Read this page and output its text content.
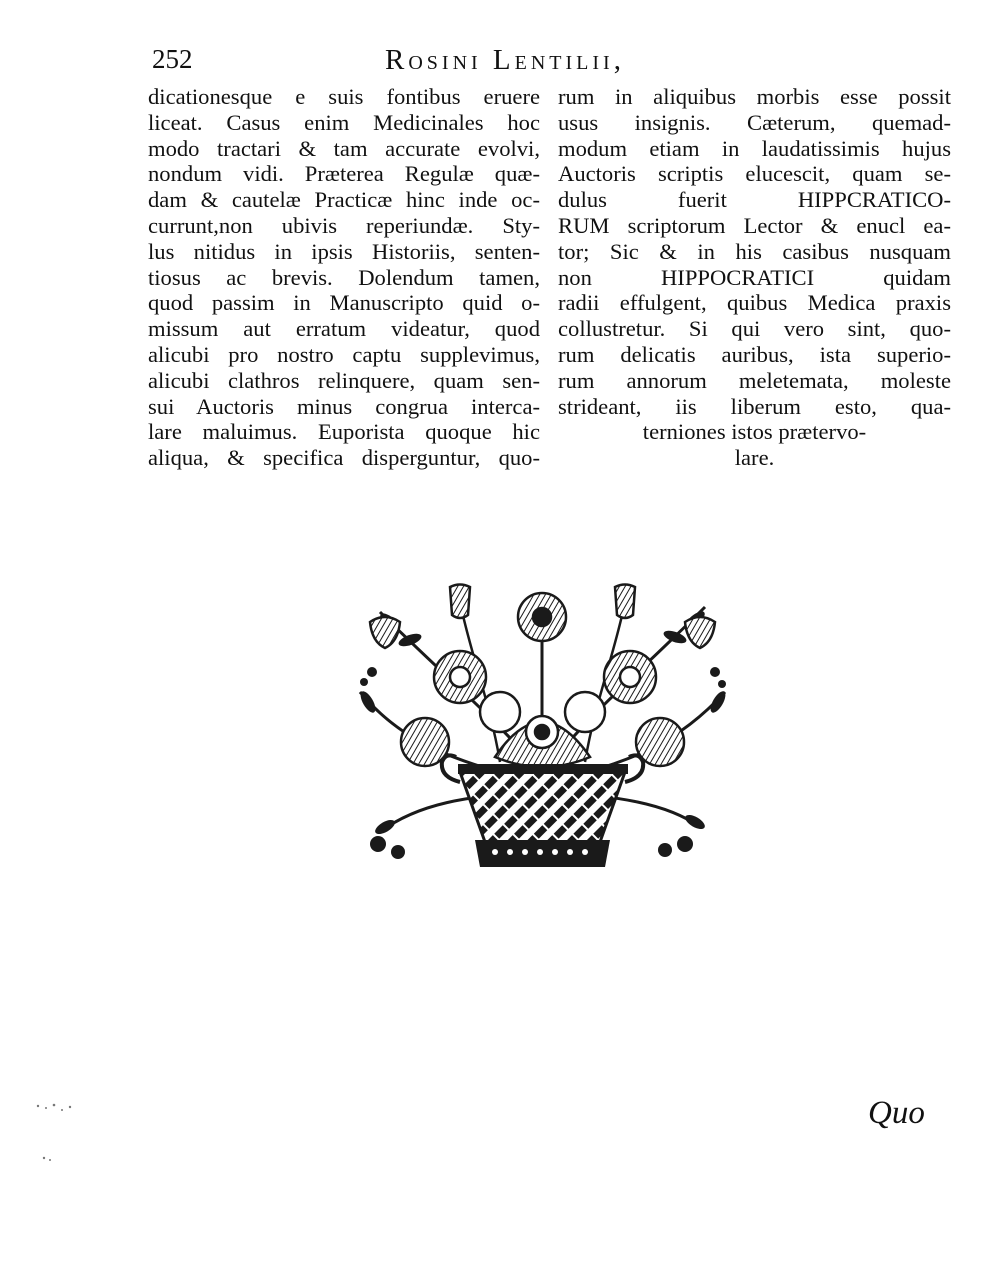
252	Rosini Lentilii,
dicationesque e suis fontibus eruere
liceat. Casus enim Medicinales hoc
modo tractari & tam accurate evolvi,
nondum vidi. Præterea Regulæ quæ-
dam & cautelæ Practicæ hinc inde oc-
currunt,non ubivis reperiundæ. Sty-
lus nitidus in ipsis Historiis, senten-
tiosus ac brevis. Dolendum tamen,
quod passim in Manuscripto quid o-
missum aut erratum videatur, quod
alicubi pro nostro captu supplevimus,
alicubi clathros relinquere, quam sen-
sui Auctoris minus congrua interca-
lare maluimus. Euporista quoque hic
aliqua, & specifica disperguntur, quo-
rum in aliquibus morbis esse possit
usus insignis. Cæterum, quemad-
modum etiam in laudatissimis hujus
Auctoris scriptis elucescit, quam se-
dulus fuerit HIPPCRATICO-
RUM scriptorum Lector & enucl ea-
tor; Sic & in his casibus nusquam
non HIPPOCRATICI quidam
radii effulgent, quibus Medica praxis
collustretur. Si qui vero sint, quo-
rum delicatis auribus, ista superio-
rum annorum meletemata, moleste
strideant, iis liberum esto, qua-
terniones istos prætervo-
lare.
Quo
